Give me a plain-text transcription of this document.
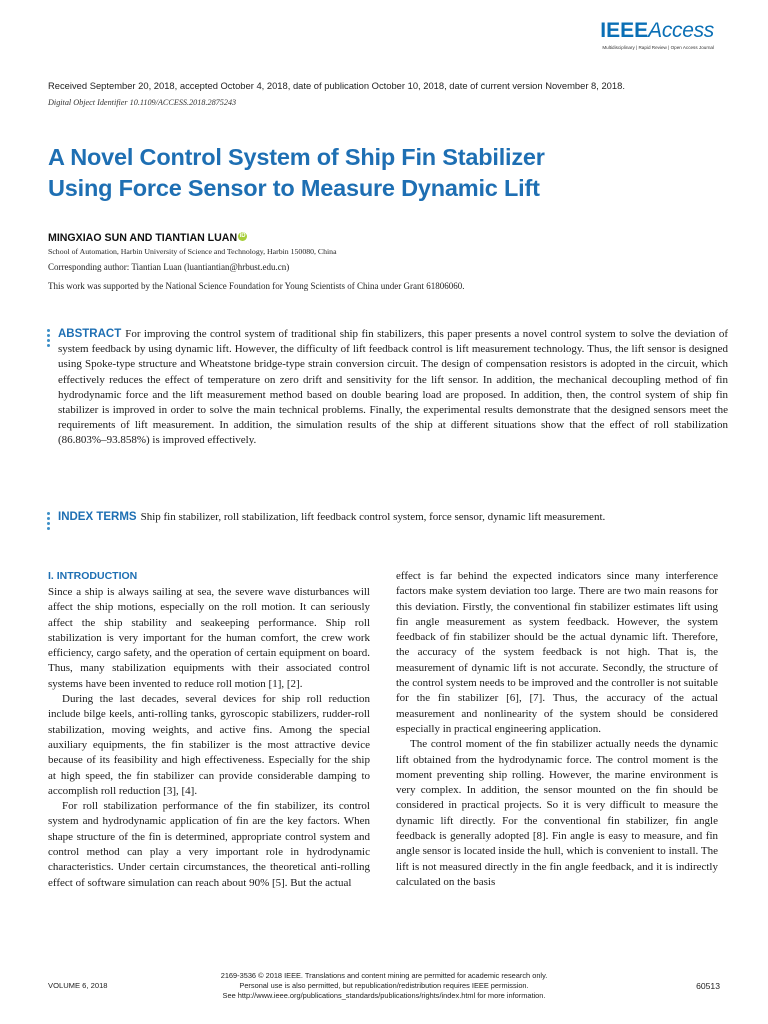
IEEEAccess
Multidisciplinary | Rapid Review | Open Access Journal
Received September 20, 2018, accepted October 4, 2018, date of publication October 10, 2018, date of current version November 8, 2018.
Digital Object Identifier 10.1109/ACCESS.2018.2875243
A Novel Control System of Ship Fin Stabilizer
Using Force Sensor to Measure Dynamic Lift
MINGXIAO SUN AND TIANTIAN LUAN iD
School of Automation, Harbin University of Science and Technology, Harbin 150080, China
Corresponding author: Tiantian Luan (luantiantian@hrbust.edu.cn)
This work was supported by the National Science Foundation for Young Scientists of China under Grant 61806060.
ABSTRACT For improving the control system of traditional ship fin stabilizers, this paper presents a novel control system to solve the deviation of system feedback by using dynamic lift. However, the difficulty of lift feedback control is lift measurement technology. Thus, the lift sensor is designed using Spoke-type structure and Wheatstone bridge-type strain conversion circuit. The design of compensation resistors is adopted in the circuit, which effectively reduces the effect of temperature on zero drift and sensitivity for the lift sensor. In addition, the mechanical decoupling method of fin hydrodynamic force and the lift measurement method based on double bearing load are proposed. In addition, then, the control system of ship fin stabilizer is improved in order to solve the main technical problems. Finally, the experimental results demonstrate that the designed sensors meet the requirements of lift measurement. In addition, the simulation results of the ship at different situations show that the effect of roll stabilization (86.803%–93.858%) is improved effectively.
INDEX TERMS Ship fin stabilizer, roll stabilization, lift feedback control system, force sensor, dynamic lift measurement.
I. INTRODUCTION

Since a ship is always sailing at sea, the severe wave disturbances will affect the ship motions, especially on the roll motion. It can seriously affect the ship stability and seakeeping performance. Ship roll stabilization is very important for the human comfort, the crew work efficiency, cargo safety, and the operation of certain equipment on board. Thus, many stabilization equipments with their associated control systems have been invented to reduce roll motion [1], [2].

During the last decades, several devices for ship roll reduction include bilge keels, anti-rolling tanks, gyroscopic stabilizers, rudder-roll stabilization, moving weights, and active fins. Among the special auxiliary equipments, the fin stabilizer is the most attractive device because of its feasibility and high effectiveness. Especially for the ship at high speed, the fin stabilizer can provide considerable damping to accomplish roll reduction [3], [4].

For roll stabilization performance of the fin stabilizer, its control system and hydrodynamic application of fin are the key factors. When shape structure of the fin is determined, appropriate control system and control method can play a very important role in hydrodynamic characteristics. Under certain circumstances, the theoretical anti-rolling effect of software simulation can reach about 90% [5]. But the actual

effect is far behind the expected indicators since many interference factors make system deviation too large. There are two main reasons for this deviation. Firstly, the conventional fin stabilizer estimates lift using fin angle measurement as system feedback. However, the system feedback of fin stabilizer should be the actual dynamic lift. Therefore, the accuracy of the system feedback is not high. That is, the measurement of dynamic lift is not accurate. Secondly, the structure of the control system needs to be improved and the controller is not suitable for the fin stabilizer [6], [7]. Thus, the accuracy of the actual measurement and nonlinearity of the system should be considered especially in practical engineering application.

The control moment of the fin stabilizer actually needs the dynamic lift obtained from the hydrodynamic force. The control moment is the moment preventing ship rolling. However, the marine environment is very complex. In addition, the sensor mounted on the fin should be considered in practical projects. So it is very difficult to measure the dynamic lift directly. For the conventional fin stabilizer, fin angle feedback is generally adopted [8]. Fin angle is easy to measure, and fin angle sensor is located inside the hull, which is convenient to install. The lift is not measured directly in the fin angle feedback, and it is indirectly calculated on the basis

VOLUME 6, 2018
2169-3536 © 2018 IEEE. Translations and content mining are permitted for academic research only.
Personal use is also permitted, but republication/redistribution requires IEEE permission.
See http://www.ieee.org/publications_standards/publications/rights/index.html for more information.
60513
